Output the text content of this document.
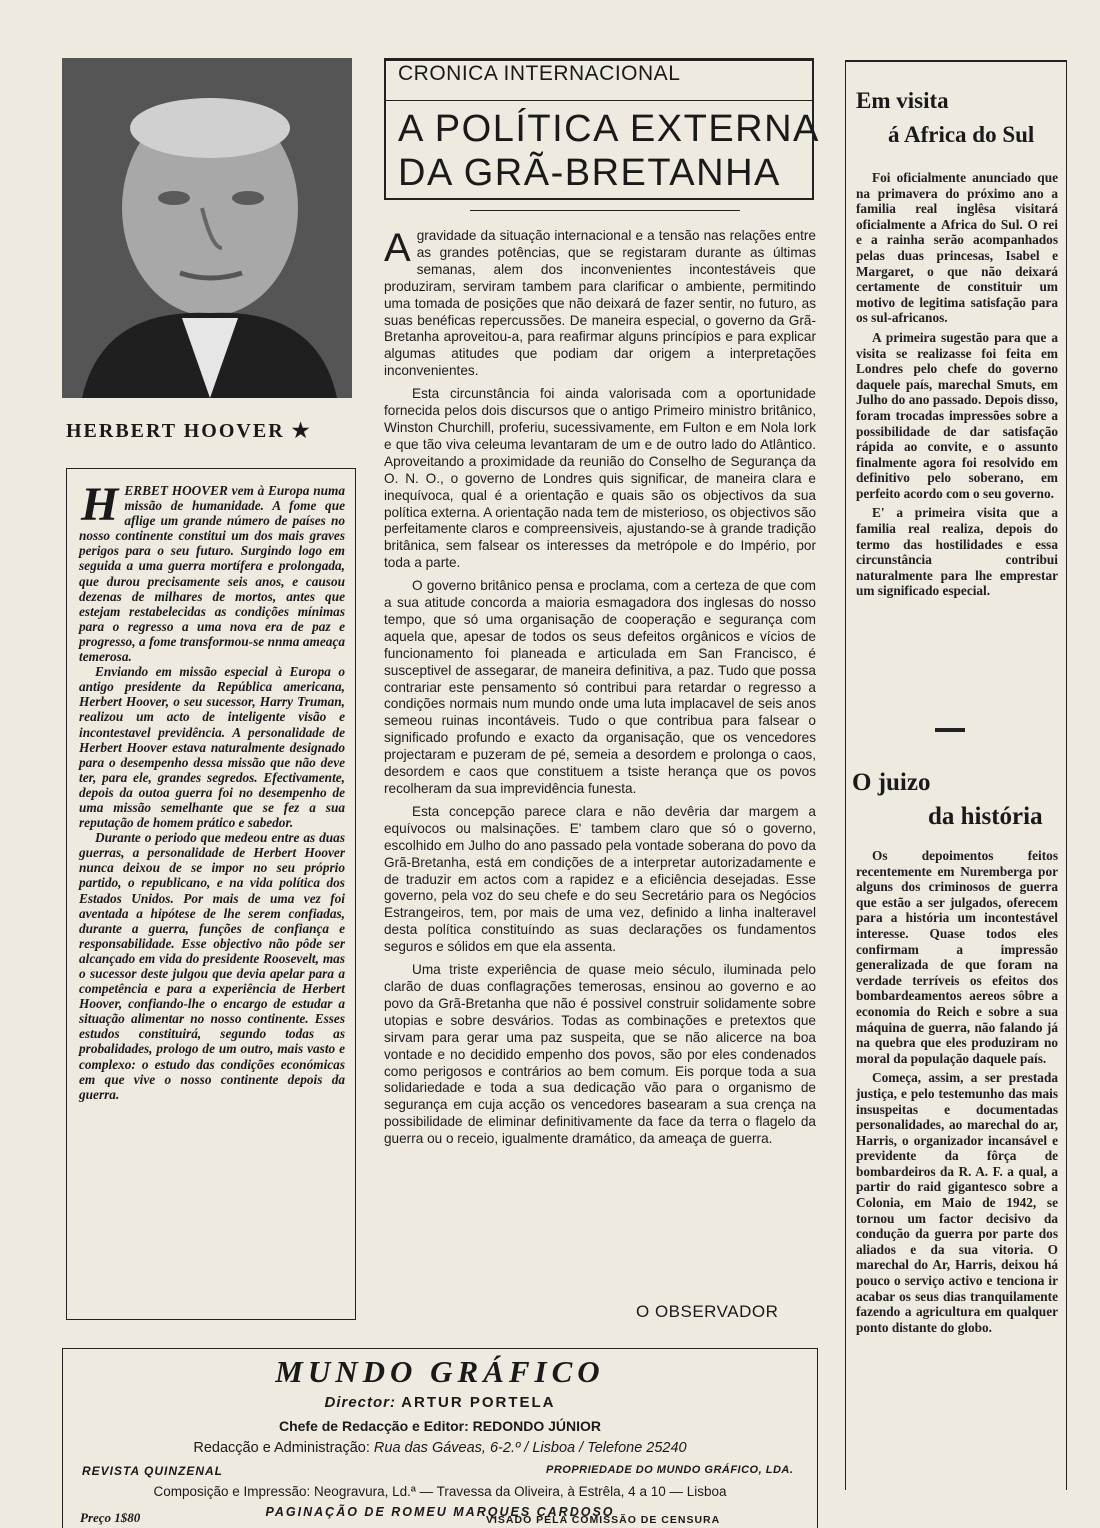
HERBERT HOOVER ★

H ERBET HOOVER vem à Europa numa missão de humanidade. A fome que aflige um grande número de países no nosso continente constitui um dos mais graves perigos para o seu futuro. Surgindo logo em seguida a uma guerra mortífera e prolongada, que durou precisamente seis anos, e causou dezenas de milhares de mortos, antes que estejam restabelecidas as condições mínimas para o regresso a uma nova era de paz e progresso, a fome transformou-se nnma ameaça temerosa.

Enviando em missão especial à Europa o antigo presidente da República americana, Herbert Hoover, o seu sucessor, Harry Truman, realizou um acto de inteligente visão e incontestavel previdência. A personalidade de Herbert Hoover estava naturalmente designado para o desempenho dessa missão que não deve ter, para ele, grandes segredos. Efectivamente, depois da outoa guerra foi no desempenho de uma missão semelhante que se fez a sua reputação de homem prático e sabedor.

Durante o periodo que medeou entre as duas guerras, a personalidade de Herbert Hoover nunca deixou de se impor no seu próprio partido, o republicano, e na vida política dos Estados Unidos. Por mais de uma vez foi aventada a hipótese de lhe serem confiadas, durante a guerra, funções de confiança e responsabilidade. Esse objectivo não pôde ser alcançado em vida do presidente Roosevelt, mas o sucessor deste julgou que devia apelar para a competência e para a experiência de Herbert Hoover, confiando-lhe o encargo de estudar a situação alimentar no nosso continente. Esses estudos constituirá, segundo todas as probalidades, prologo de um outro, mais vasto e complexo: o estudo das condições económicas em que vive o nosso continente depois da guerra.

CRONICA INTERNACIONAL
A POLÍTICA EXTERNA
DA GRÃ-BRETANHA

A gravidade da situação internacional e a tensão nas relações entre as grandes potências, que se registaram durante as últimas semanas, alem dos inconvenientes incontestáveis que produziram, serviram tambem para clarificar o ambiente, permitindo uma tomada de posições que não deixará de fazer sentir, no futuro, as suas benéficas repercussões. De maneira especial, o governo da Grã-Bretanha aproveitou-a, para reafirmar alguns princípios e para explicar algumas atitudes que podiam dar origem a interpretações inconvenientes.

Esta circunstância foi ainda valorisada com a oportunidade fornecida pelos dois discursos que o antigo Primeiro ministro britânico, Winston Churchill, proferiu, sucessivamente, em Fulton e em Nola Iork e que tão viva celeuma levantaram de um e de outro lado do Atlântico. Aproveitando a proximidade da reunião do Conselho de Segurança da O. N. O., o governo de Londres quis significar, de maneira clara e inequívoca, qual é a orientação e quais são os objectivos da sua política externa. A orientação nada tem de misterioso, os objectivos são perfeitamente claros e compreensiveis, ajustando-se à grande tradição britânica, sem falsear os interesses da metrópole e do Império, por toda a parte.

O governo britânico pensa e proclama, com a certeza de que com a sua atitude concorda a maioria esmagadora dos inglesas do nosso tempo, que só uma organisação de cooperação e segurança com aquela que, apesar de todos os seus defeitos orgânicos e vícios de funcionamento foi planeada e articulada em San Francisco, é susceptivel de assegarar, de maneira definitiva, a paz. Tudo que possa contrariar este pensamento só contribui para retardar o regresso a condições normais num mundo onde uma luta implacavel de seis anos semeou ruinas incontáveis. Tudo o que contribua para falsear o significado profundo e exacto da organisação, que os vencedores projectaram e puzeram de pé, semeia a desordem e prolonga o caos, desordem e caos que constituem a tsiste herança que os povos recolheram da sua imprevidência funesta.

Esta concepção parece clara e não devêria dar margem a equívocos ou malsinações. E' tambem claro que só o governo, escolhido em Julho do ano passado pela vontade soberana do povo da Grã-Bretanha, está em condições de a interpretar autorizadamente e de traduzir em actos com a rapidez e a eficiência desejadas. Esse governo, pela voz do seu chefe e do seu Secretário para os Negócios Estrangeiros, tem, por mais de uma vez, definido a linha inalteravel desta política constituíndo as suas declarações os fundamentos seguros e sólidos em que ela assenta.

Uma triste experiência de quase meio século, iluminada pelo clarão de duas conflagrações temerosas, ensinou ao governo e ao povo da Grã-Bretanha que não é possivel construir solidamente sobre utopias e sobre desvários. Todas as combinações e pretextos que sirvam para gerar uma paz suspeita, que se não alicerce na boa vontade e no decidido empenho dos povos, são por eles condenados como perigosos e contrários ao bem comum. Eis porque toda a sua solidariedade e toda a sua dedicação vão para o organismo de segurança em cuja acção os vencedores basearam a sua crença na possibilidade de eliminar definitivamente da face da terra o flagelo da guerra ou o receio, igualmente dramático, da ameaça de guerra.

O OBSERVADOR
Em visita
á Africa do Sul

Foi oficialmente anunciado que na primavera do próximo ano a familia real inglêsa visitará oficialmente a Africa do Sul. O rei e a rainha serão acompanhados pelas duas princesas, Isabel e Margaret, o que não deixará certamente de constituir um motivo de legitima satisfação para os sul-africanos.

A primeira sugestão para que a visita se realizasse foi feita em Londres pelo chefe do governo daquele país, marechal Smuts, em Julho do ano passado. Depois disso, foram trocadas impressões sobre a possibilidade de dar satisfação rápida ao convite, e o assunto finalmente agora foi resolvido em definitivo pelo soberano, em perfeito acordo com o seu governo.

E' a primeira visita que a familia real realiza, depois do termo das hostilidades e essa circunstância contribui naturalmente para lhe emprestar um significado especial.

O juizo
da história

Os depoimentos feitos recentemente em Nuremberga por alguns dos criminosos de guerra que estão a ser julgados, oferecem para a história um incontestável interesse. Quase todos eles confirmam a impressão generalizada de que foram na verdade terríveis os efeitos dos bombardeamentos aereos sôbre a economia do Reich e sobre a sua máquina de guerra, não falando já na quebra que eles produziram no moral da população daquele país.

Começa, assim, a ser prestada justiça, e pelo testemunho das mais insuspeitas e documentadas personalidades, ao marechal do ar, Harris, o organizador incansável e previdente da fôrça de bombardeiros da R. A. F. a qual, a partir do raid gigantesco sobre a Colonia, em Maio de 1942, se tornou um factor decisivo da condução da guerra por parte dos aliados e da sua vitoria. O marechal do Ar, Harris, deixou há pouco o serviço activo e tenciona ir acabar os seus dias tranquilamente fazendo a agricultura em qualquer ponto distante do globo.

MUNDO GRÁFICO
Director: ARTUR PORTELA
Chefe de Redacção e Editor: REDONDO JÚNIOR
Redacção e Administração: Rua das Gáveas, 6-2.º / Lisboa / Telefone 25240
REVISTA QUINZENAL	PROPRIEDADE DO MUNDO GRÁFICO, LDA.
Composição e Impressão: Neogravura, Ld.ª — Travessa da Oliveira, à Estrêla, 4 a 10 — Lisboa
PAGINAÇÃO DE ROMEU MARQUES CARDOSO
Preço 1$80	VISADO PELA COMISSÃO DE CENSURA
